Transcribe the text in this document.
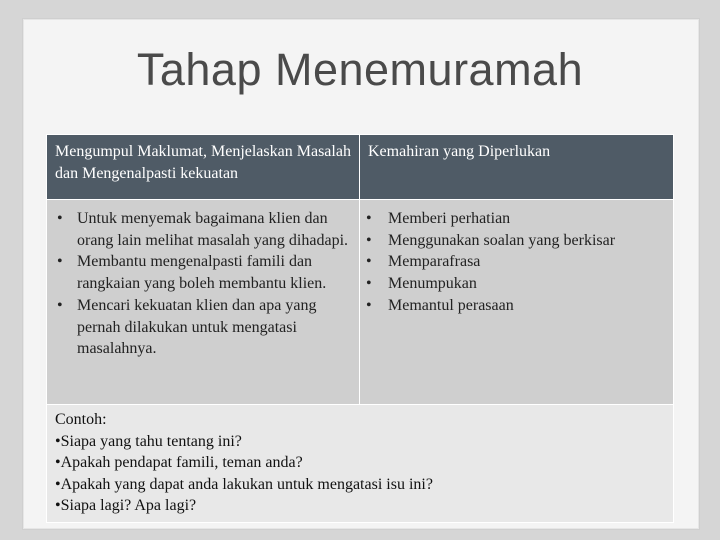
Tahap Menemuramah
Mengumpul Maklumat, Menjelaskan Masalah dan Mengenalpasti kekuatan
Kemahiran yang Diperlukan
• Untuk menyemak bagaimana klien dan orang lain melihat masalah yang dihadapi.
• Membantu mengenalpasti famili dan rangkaian yang boleh membantu klien.
• Mencari kekuatan klien dan apa yang pernah dilakukan untuk mengatasi masalahnya.
• Memberi perhatian
• Menggunakan soalan yang berkisar
• Memparafrasa
• Menumpukan
• Memantul perasaan
Contoh:
•Siapa yang tahu tentang ini?
•Apakah pendapat famili, teman anda?
•Apakah yang dapat anda lakukan untuk mengatasi isu ini?
•Siapa lagi? Apa lagi?
